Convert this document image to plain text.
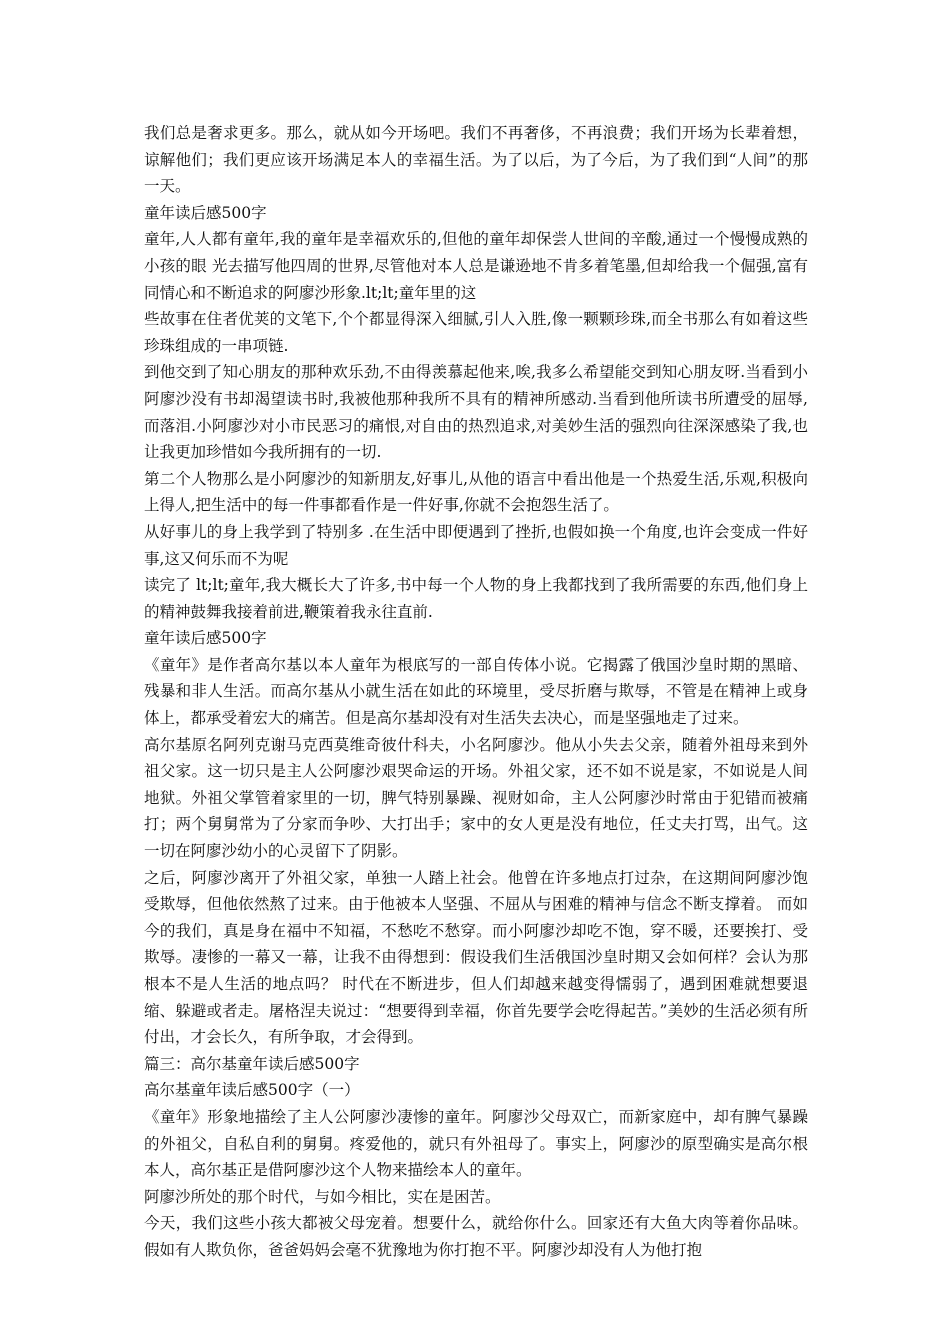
我们总是奢求更多。那么，就从如今开场吧。我们不再奢侈，不再浪费；我们开场为长辈着想，谅解他们；我们更应该开场满足本人的幸福生活。为了以后，为了今后，为了我们到“人间”的那一天。

童年读后感500字

童年,人人都有童年,我的童年是幸福欢乐的,但他的童年却保尝人世间的辛酸,通过一个慢慢成熟的小孩的眼 光去描写他四周的世界,尽管他对本人总是谦逊地不肯多着笔墨,但却给我一个倔强,富有同情心和不断追求的阿廖沙形象.lt;lt;童年里的这

些故事在住者优荚的文笔下,个个都显得深入细腻,引人入胜,像一颗颗珍珠,而全书那么有如着这些珍珠组成的一串项链.

到他交到了知心朋友的那种欢乐劲,不由得羡慕起他来,唉,我多么希望能交到知心朋友呀.当看到小阿廖沙没有书却渴望读书时,我被他那种我所不具有的精神所感动.当看到他所读书所遭受的屈辱,而落泪.小阿廖沙对小市民恶习的痛恨,对自由的热烈追求,对美妙生活的强烈向往深深感染了我,也让我更加珍惜如今我所拥有的一切.

第二个人物那么是小阿廖沙的知新朋友,好事儿,从他的语言中看出他是一个热爱生活,乐观,积极向上得人,把生活中的每一件事都看作是一件好事,你就不会抱怨生活了。

从好事儿的身上我学到了特别多 .在生活中即便遇到了挫折,也假如换一个角度,也许会变成一件好事,这又何乐而不为呢

读完了 lt;lt;童年,我大概长大了许多,书中每一个人物的身上我都找到了我所需要的东西,他们身上的精神鼓舞我接着前进,鞭策着我永往直前.

童年读后感500字

《童年》是作者高尔基以本人童年为根底写的一部自传体小说。它揭露了俄国沙皇时期的黑暗、残暴和非人生活。而高尔基从小就生活在如此的环境里，受尽折磨与欺辱，不管是在精神上或身体上，都承受着宏大的痛苦。但是高尔基却没有对生活失去决心，而是坚强地走了过来。

高尔基原名阿列克谢马克西莫维奇彼什科夫，小名阿廖沙。他从小失去父亲，随着外祖母来到外祖父家。这一切只是主人公阿廖沙艰哭命运的开场。外祖父家，还不如不说是家，不如说是人间地狱。外祖父掌管着家里的一切，脾气特别暴躁、视财如命，主人公阿廖沙时常由于犯错而被痛打；两个舅舅常为了分家而争吵、大打出手；家中的女人更是没有地位，任丈夫打骂，出气。这一切在阿廖沙幼小的心灵留下了阴影。

之后，阿廖沙离开了外祖父家，单独一人踏上社会。他曾在许多地点打过杂，在这期间阿廖沙饱受欺辱，但他依然熬了过来。由于他被本人坚强、不屈从与困难的精神与信念不断支撑着。 而如今的我们，真是身在福中不知福，不愁吃不愁穿。而小阿廖沙却吃不饱，穿不暖，还要挨打、受欺辱。凄惨的一幕又一幕，让我不由得想到：假设我们生活俄国沙皇时期又会如何样？会认为那根本不是人生活的地点吗？ 时代在不断进步，但人们却越来越变得懦弱了，遇到困难就想要退缩、躲避或者走。屠格涅夫说过：“想要得到幸福，你首先要学会吃得起苦。”美妙的生活必须有所付出，才会长久，有所争取，才会得到。

篇三：高尔基童年读后感500字

高尔基童年读后感500字（一）

《童年》形象地描绘了主人公阿廖沙凄惨的童年。阿廖沙父母双亡，而新家庭中，却有脾气暴躁的外祖父，自私自利的舅舅。疼爱他的，就只有外祖母了。事实上，阿廖沙的原型确实是高尔根本人，高尔基正是借阿廖沙这个人物来描绘本人的童年。

阿廖沙所处的那个时代，与如今相比，实在是困苦。

今天，我们这些小孩大都被父母宠着。想要什么，就给你什么。回家还有大鱼大肉等着你品味。假如有人欺负你，爸爸妈妈会毫不犹豫地为你打抱不平。阿廖沙却没有人为他打抱
